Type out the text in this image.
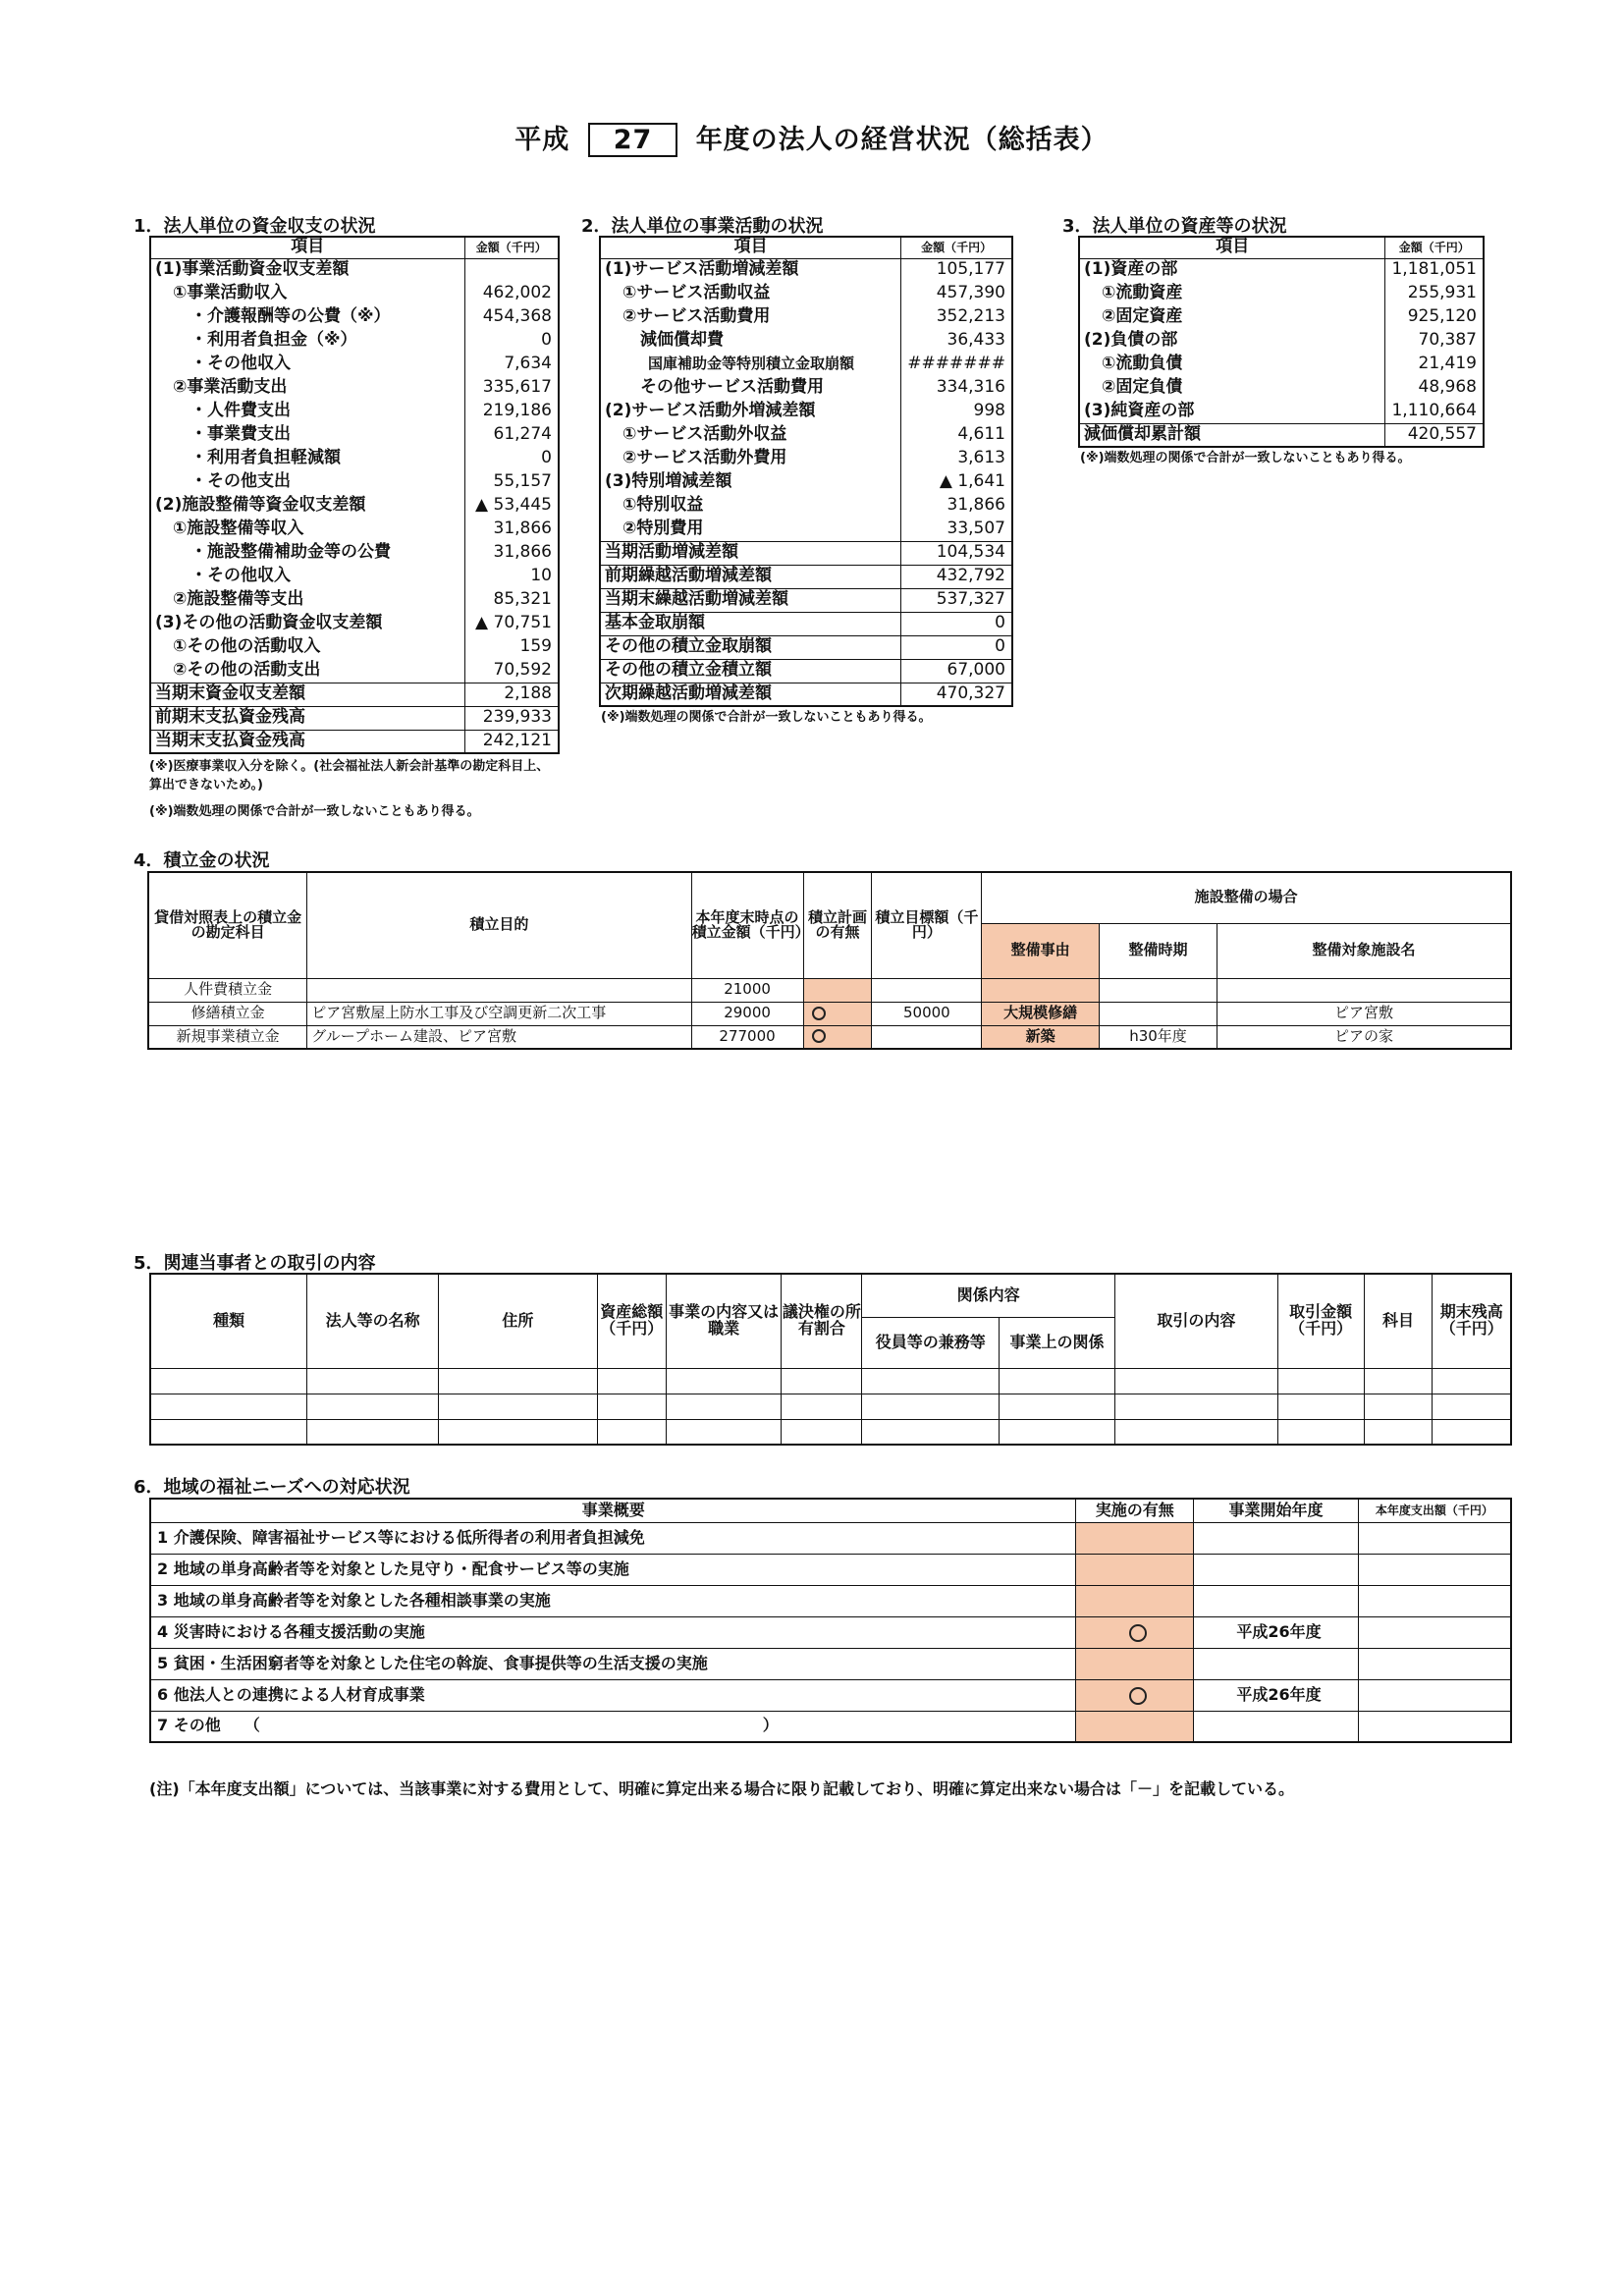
平成 27 年度の法人の経営状況（総括表）
1．法人単位の資金収支の状況
項目	金額（千円）
(1)事業活動資金収支差額	
①事業活動収入	462,002
・介護報酬等の公費（※）	454,368
・利用者負担金（※）	0
・その他収入	7,634
②事業活動支出	335,617
・人件費支出	219,186
・事業費支出	61,274
・利用者負担軽減額	0
・その他支出	55,157
(2)施設整備等資金収支差額	▲ 53,445
①施設整備等収入	31,866
・施設整備補助金等の公費	31,866
・その他収入	10
②施設整備等支出	85,321
(3)その他の活動資金収支差額	▲ 70,751
①その他の活動収入	159
②その他の活動支出	70,592
当期末資金収支差額	2,188
前期末支払資金残高	239,933
当期末支払資金残高	242,121
(※)医療事業収入分を除く。(社会福祉法人新会計基準の勘定科目上、算出できないため。)
(※)端数処理の関係で合計が一致しないこともあり得る。
2．法人単位の事業活動の状況
項目	金額（千円）
(1)サービス活動増減差額	105,177
①サービス活動収益	457,390
②サービス活動費用	352,213
減価償却費	36,433
国庫補助金等特別積立金取崩額	#######
その他サービス活動費用	334,316
(2)サービス活動外増減差額	998
①サービス活動外収益	4,611
②サービス活動外費用	3,613
(3)特別増減差額	▲ 1,641
①特別収益	31,866
②特別費用	33,507
当期活動増減差額	104,534
前期繰越活動増減差額	432,792
当期末繰越活動増減差額	537,327
基本金取崩額	0
その他の積立金取崩額	0
その他の積立金積立額	67,000
次期繰越活動増減差額	470,327
(※)端数処理の関係で合計が一致しないこともあり得る。
3．法人単位の資産等の状況
項目	金額（千円）
(1)資産の部	1,181,051
①流動資産	255,931
②固定資産	925,120
(2)負債の部	70,387
①流動負債	21,419
②固定負債	48,968
(3)純資産の部	1,110,664
減価償却累計額	420,557
(※)端数処理の関係で合計が一致しないこともあり得る。
4．積立金の状況
貸借対照表上の積立金の勘定科目	積立目的	本年度末時点の積立金額（千円）	積立計画の有無	積立目標額（千円）	施設整備の場合		
					整備事由	整備時期	整備対象施設名
人件費積立金		21000					
修繕積立金	ピア宮敷屋上防水工事及び空調更新二次工事	29000		50000	大規模修繕		ピア宮敷
新規事業積立金	グループホーム建設、ピア宮敷	277000			新築	h30年度	ピアの家
5．関連当事者との取引の内容
種類	法人等の名称	住所	資産総額（千円）	事業の内容又は職業	議決権の所有割合	関係内容		取引の内容	取引金額（千円）	科目	期末残高（千円）
						役員等の兼務等	事業上の関係				

6．地域の福祉ニーズへの対応状況
事業概要	実施の有無	事業開始年度	本年度支出額（千円）
1 介護保険、障害福祉サービス等における低所得者の利用者負担減免			
2 地域の単身高齢者等を対象とした見守り・配食サービス等の実施			
3 地域の単身高齢者等を対象とした各種相談事業の実施			
4 災害時における各種支援活動の実施		平成26年度	
5 貧困・生活困窮者等を対象とした住宅の斡旋、食事提供等の生活支援の実施			
6 他法人との連携による人材育成事業		平成26年度	
7 その他　　（　　　　　　　　　　　　　　　　　　　　　　　　　　　　　　　　）			
(注)「本年度支出額」については、当該事業に対する費用として、明確に算定出来る場合に限り記載しており、明確に算定出来ない場合は「－」を記載している。
